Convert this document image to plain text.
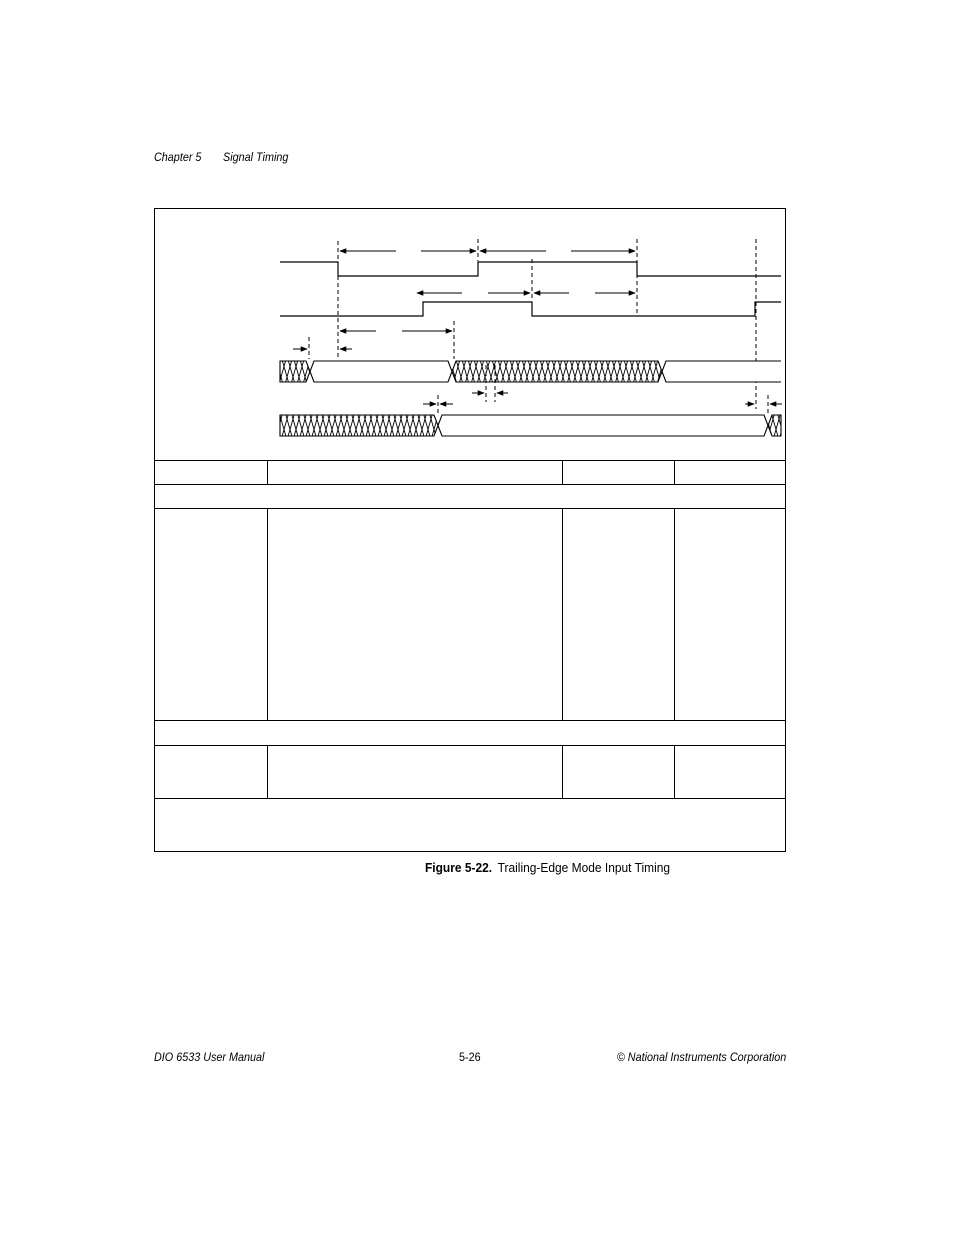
Chapter 5 Signal Timing

Figure 5-22. Trailing-Edge Mode Input Timing
DIO 6533 User Manual	5-26	© National Instruments Corporation
